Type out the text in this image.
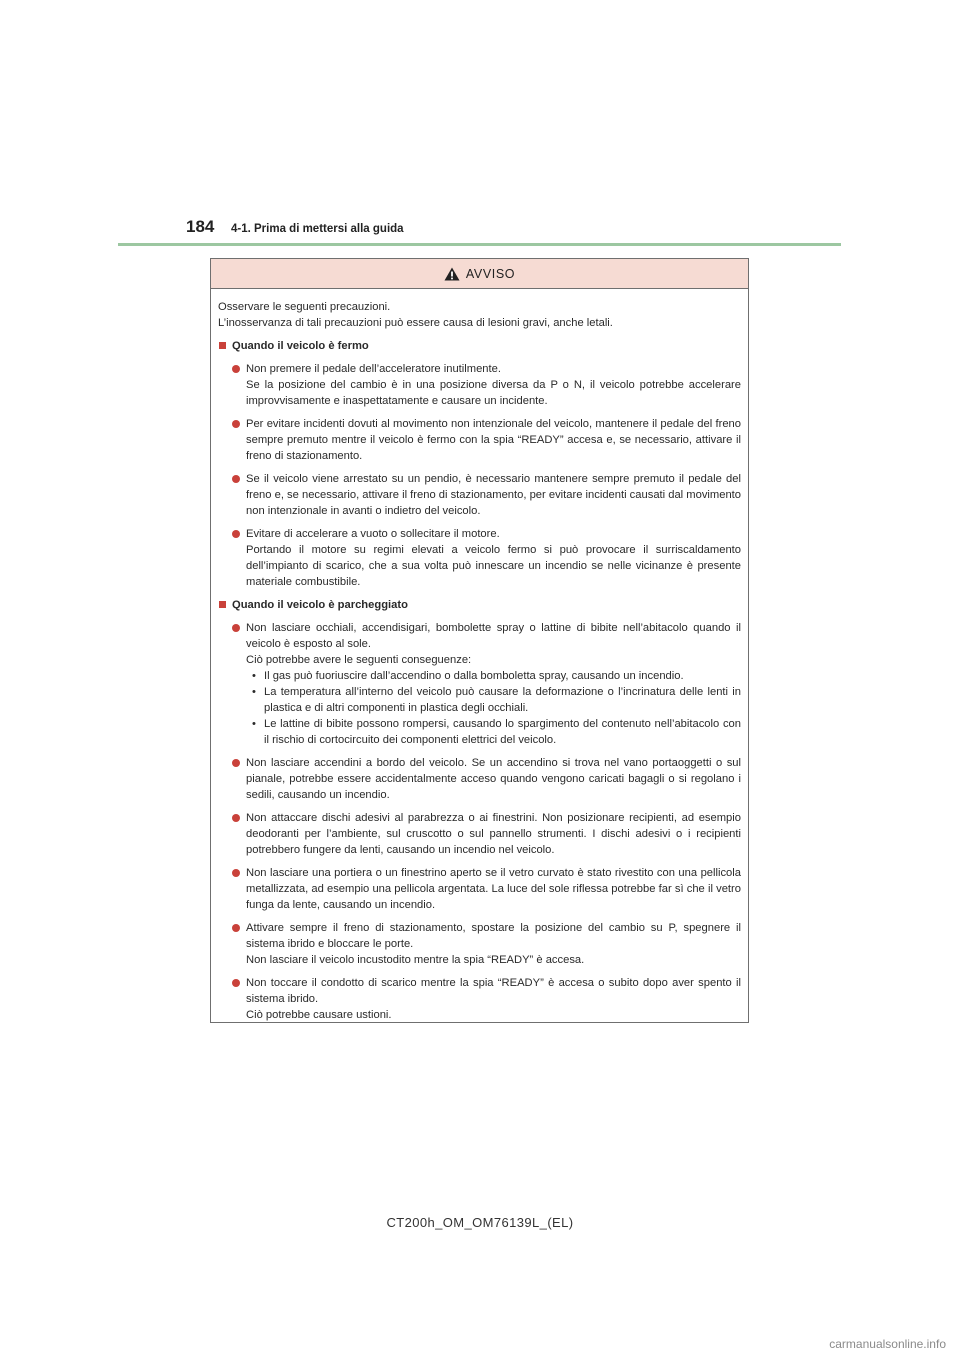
184 4-1. Prima di mettersi alla guida
AVVISO

Osservare le seguenti precauzioni.
L’inosservanza di tali precauzioni può essere causa di lesioni gravi, anche letali.

Quando il veicolo è fermo
Non premere il pedale dell’acceleratore inutilmente.
Se la posizione del cambio è in una posizione diversa da P o N, il veicolo potrebbe accelerare improvvisamente e inaspettatamente e causare un incidente.
Per evitare incidenti dovuti al movimento non intenzionale del veicolo, mantenere il pedale del freno sempre premuto mentre il veicolo è fermo con la spia “READY” accesa e, se necessario, attivare il freno di stazionamento.
Se il veicolo viene arrestato su un pendio, è necessario mantenere sempre premuto il pedale del freno e, se necessario, attivare il freno di stazionamento, per evitare incidenti causati dal movimento non intenzionale in avanti o indietro del veicolo.
Evitare di accelerare a vuoto o sollecitare il motore.
Portando il motore su regimi elevati a veicolo fermo si può provocare il surriscaldamento dell’impianto di scarico, che a sua volta può innescare un incendio se nelle vicinanze è presente materiale combustibile.
Quando il veicolo è parcheggiato
Non lasciare occhiali, accendisigari, bombolette spray o lattine di bibite nell’abitacolo quando il veicolo è esposto al sole.
Ciò potrebbe avere le seguenti conseguenze:
• Il gas può fuoriuscire dall’accendino o dalla bomboletta spray, causando un incendio.
• La temperatura all’interno del veicolo può causare la deformazione o l’incrinatura delle lenti in plastica e di altri componenti in plastica degli occhiali.
• Le lattine di bibite possono rompersi, causando lo spargimento del contenuto nell’abitacolo con il rischio di cortocircuito dei componenti elettrici del veicolo.
Non lasciare accendini a bordo del veicolo. Se un accendino si trova nel vano portaoggetti o sul pianale, potrebbe essere accidentalmente acceso quando vengono caricati bagagli o si regolano i sedili, causando un incendio.
Non attaccare dischi adesivi al parabrezza o ai finestrini. Non posizionare recipienti, ad esempio deodoranti per l’ambiente, sul cruscotto o sul pannello strumenti. I dischi adesivi o i recipienti potrebbero fungere da lenti, causando un incendio nel veicolo.
Non lasciare una portiera o un finestrino aperto se il vetro curvato è stato rivestito con una pellicola metallizzata, ad esempio una pellicola argentata. La luce del sole riflessa potrebbe far sì che il vetro funga da lente, causando un incendio.
Attivare sempre il freno di stazionamento, spostare la posizione del cambio su P, spegnere il sistema ibrido e bloccare le porte.
Non lasciare il veicolo incustodito mentre la spia “READY” è accesa.
Non toccare il condotto di scarico mentre la spia “READY” è accesa o subito dopo aver spento il sistema ibrido.
Ciò potrebbe causare ustioni.
CT200h_OM_OM76139L_(EL)
carmanualsonline.info
